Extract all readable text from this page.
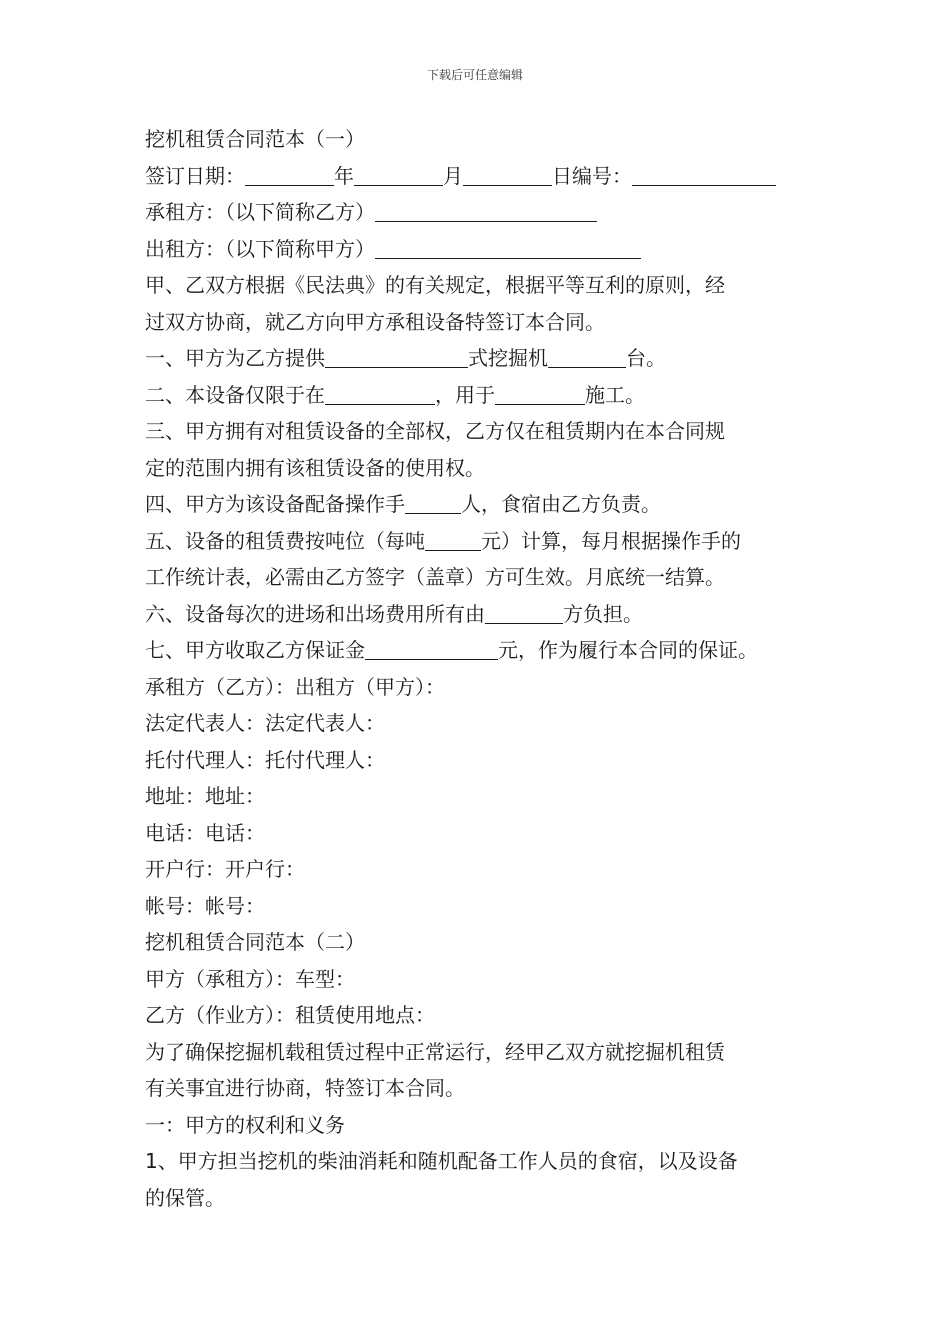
下载后可任意编辑
挖机租赁合同范本（一）
签订日期：	年	月	日编号：
承租方：（以下简称乙方）
出租方：（以下简称甲方）
甲、乙双方根据《民法典》的有关规定，根据平等互利的原则，经
过双方协商，就乙方向甲方承租设备特签订本合同。
一、甲方为乙方提供	式挖掘机	台。
二、本设备仅限于在	，用于	施工。
三、甲方拥有对租赁设备的全部权，乙方仅在租赁期内在本合同规
定的范围内拥有该租赁设备的使用权。
四、甲方为该设备配备操作手	人，食宿由乙方负责。
五、设备的租赁费按吨位（每吨	元）计算，每月根据操作手的
工作统计表，必需由乙方签字（盖章）方可生效。月底统一结算。
六、设备每次的进场和出场费用所有由	方负担。
七、甲方收取乙方保证金	元，作为履行本合同的保证。
承租方（乙方）：出租方（甲方）：
法定代表人：法定代表人：
托付代理人：托付代理人：
地址：地址：
电话：电话：
开户行：开户行：
帐号：帐号：
挖机租赁合同范本（二）
甲方（承租方）：车型：
乙方（作业方）：租赁使用地点：
为了确保挖掘机载租赁过程中正常运行，经甲乙双方就挖掘机租赁
有关事宜进行协商，特签订本合同。
一：甲方的权利和义务
1、甲方担当挖机的柴油消耗和随机配备工作人员的食宿，以及设备
的保管。
